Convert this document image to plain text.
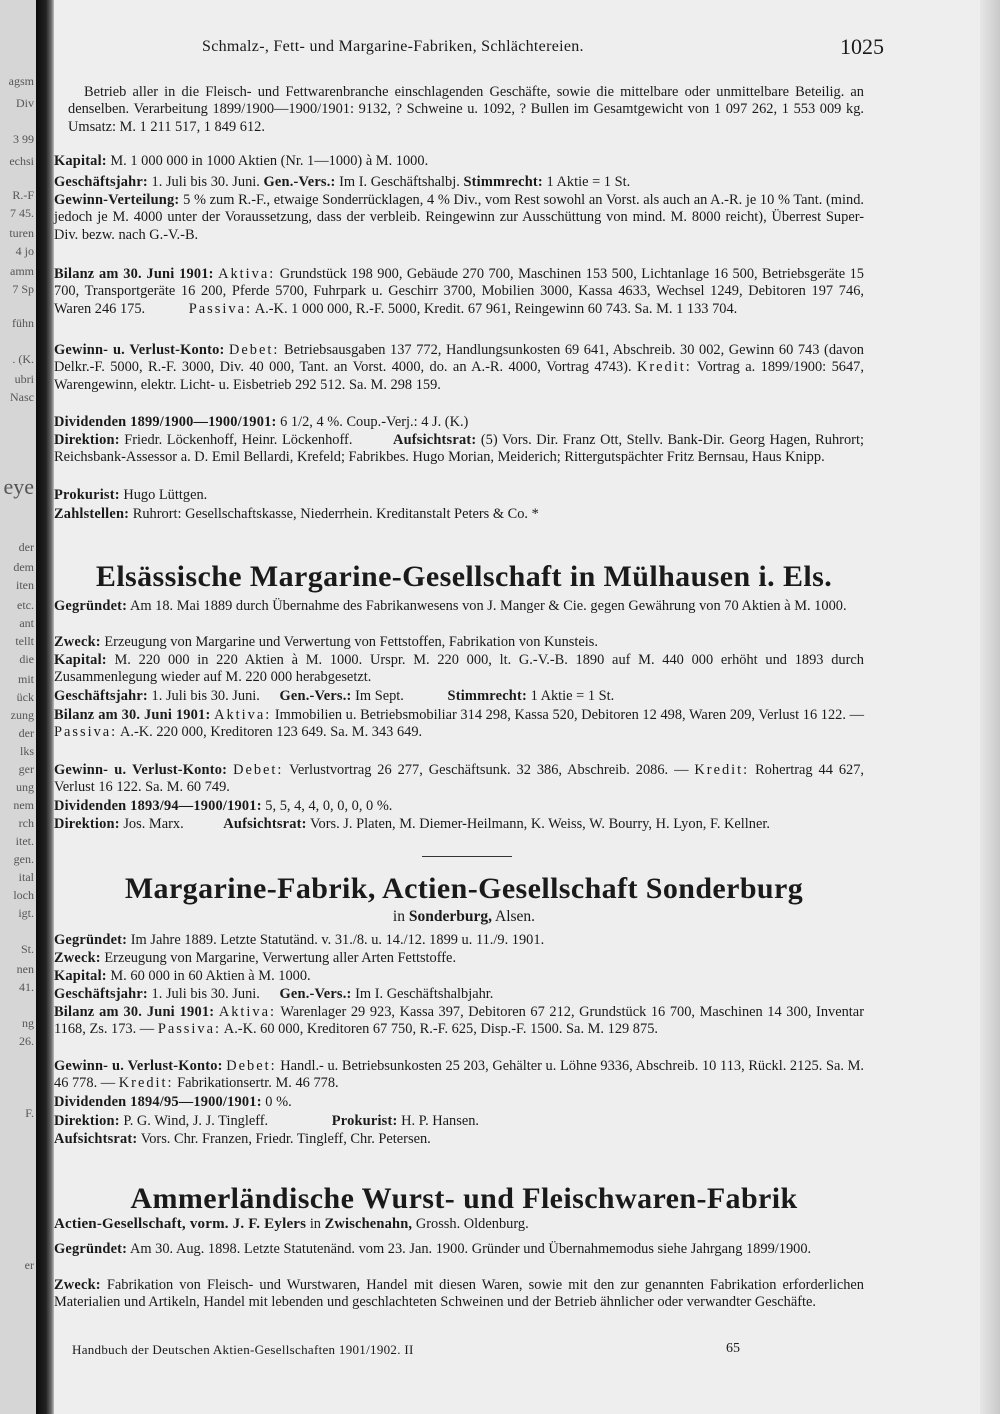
agsm
Div
3 99
echsi
R.-F
7 45.
turen
4 jo
amm
7 Sp
fühn
. (K.
ubri
Nasc
eye
der
dem
iten
etc.
ant
tellt
die
mit
ück
zung
der
lks
ger
ung
nem
rch
itet.
gen.
ital
loch
igt.
St.
nen
41.
ng
26.
F.
er
Schmalz-, Fett- und Margarine-Fabriken, Schlächtereien.	1025

Betrieb aller in die Fleisch- und Fettwarenbranche einschlagenden Geschäfte, sowie die mittelbare oder unmittelbare Beteilig. an denselben. Verarbeitung 1899/1900—1900/1901: 9132, ? Schweine u. 1092, ? Bullen im Gesamtgewicht von 1 097 262, 1 553 009 kg. Umsatz: M. 1 211 517, 1 849 612.

Kapital: M. 1 000 000 in 1000 Aktien (Nr. 1—1000) à M. 1000.

Geschäftsjahr: 1. Juli bis 30. Juni. Gen.-Vers.: Im I. Geschäftshalbj. Stimmrecht: 1 Aktie = 1 St.

Gewinn-Verteilung: 5 % zum R.-F., etwaige Sonderrücklagen, 4 % Div., vom Rest sowohl an Vorst. als auch an A.-R. je 10 % Tant. (mind. jedoch je M. 4000 unter der Voraussetzung, dass der verbleib. Reingewinn zur Ausschüttung von mind. M. 8000 reicht), Überrest Super-Div. bezw. nach G.-V.-B.

Bilanz am 30. Juni 1901: Aktiva: Grundstück 198 900, Gebäude 270 700, Maschinen 153 500, Lichtanlage 16 500, Betriebsgeräte 15 700, Transportgeräte 16 200, Pferde 5700, Fuhrpark u. Geschirr 3700, Mobilien 3000, Kassa 4633, Wechsel 1249, Debitoren 197 746, Waren 246 175.	Passiva: A.-K. 1 000 000, R.-F. 5000, Kredit. 67 961, Reingewinn 60 743. Sa. M. 1 133 704.

Gewinn- u. Verlust-Konto: Debet: Betriebsausgaben 137 772, Handlungsunkosten 69 641, Abschreib. 30 002, Gewinn 60 743 (davon Delkr.-F. 5000, R.-F. 3000, Div. 40 000, Tant. an Vorst. 4000, do. an A.-R. 4000, Vortrag 4743). Kredit: Vortrag a. 1899/1900: 5647, Warengewinn, elektr. Licht- u. Eisbetrieb 292 512. Sa. M. 298 159.

Dividenden 1899/1900—1900/1901: 6 1/2, 4 %. Coup.-Verj.: 4 J. (K.)

Direktion: Friedr. Löckenhoff, Heinr. Löckenhoff.	Aufsichtsrat: (5) Vors. Dir. Franz Ott, Stellv. Bank-Dir. Georg Hagen, Ruhrort; Reichsbank-Assessor a. D. Emil Bellardi, Krefeld; Fabrikbes. Hugo Morian, Meiderich; Rittergutspächter Fritz Bernsau, Haus Knipp.

Prokurist: Hugo Lüttgen.

Zahlstellen: Ruhrort: Gesellschaftskasse, Niederrhein. Kreditanstalt Peters & Co. *

Elsässische Margarine-Gesellschaft in Mülhausen i. Els.

Gegründet: Am 18. Mai 1889 durch Übernahme des Fabrikanwesens von J. Manger & Cie. gegen Gewährung von 70 Aktien à M. 1000.

Zweck: Erzeugung von Margarine und Verwertung von Fettstoffen, Fabrikation von Kunsteis.

Kapital: M. 220 000 in 220 Aktien à M. 1000. Urspr. M. 220 000, lt. G.-V.-B. 1890 auf M. 440 000 erhöht und 1893 durch Zusammenlegung wieder auf M. 220 000 herabgesetzt.

Geschäftsjahr: 1. Juli bis 30. Juni. Gen.-Vers.: Im Sept.	Stimmrecht: 1 Aktie = 1 St.

Bilanz am 30. Juni 1901: Aktiva: Immobilien u. Betriebsmobiliar 314 298, Kassa 520, Debitoren 12 498, Waren 209, Verlust 16 122. — Passiva: A.-K. 220 000, Kreditoren 123 649. Sa. M. 343 649.

Gewinn- u. Verlust-Konto: Debet: Verlustvortrag 26 277, Geschäftsunk. 32 386, Abschreib. 2086. — Kredit: Rohertrag 44 627, Verlust 16 122. Sa. M. 60 749.

Dividenden 1893/94—1900/1901: 5, 5, 4, 4, 0, 0, 0, 0 %.

Direktion: Jos. Marx.	Aufsichtsrat: Vors. J. Platen, M. Diemer-Heilmann, K. Weiss, W. Bourry, H. Lyon, F. Kellner.

Margarine-Fabrik, Actien-Gesellschaft Sonderburg

in Sonderburg, Alsen.

Gegründet: Im Jahre 1889. Letzte Statutänd. v. 31./8. u. 14./12. 1899 u. 11./9. 1901.

Zweck: Erzeugung von Margarine, Verwertung aller Arten Fettstoffe.

Kapital: M. 60 000 in 60 Aktien à M. 1000.

Geschäftsjahr: 1. Juli bis 30. Juni. Gen.-Vers.: Im I. Geschäftshalbjahr.

Bilanz am 30. Juni 1901: Aktiva: Warenlager 29 923, Kassa 397, Debitoren 67 212, Grundstück 16 700, Maschinen 14 300, Inventar 1168, Zs. 173. — Passiva: A.-K. 60 000, Kreditoren 67 750, R.-F. 625, Disp.-F. 1500. Sa. M. 129 875.

Gewinn- u. Verlust-Konto: Debet: Handl.- u. Betriebsunkosten 25 203, Gehälter u. Löhne 9336, Abschreib. 10 113, Rückl. 2125. Sa. M. 46 778. — Kredit: Fabrikationsertr. M. 46 778.

Dividenden 1894/95—1900/1901: 0 %.

Direktion: P. G. Wind, J. J. Tingleff.	Prokurist: H. P. Hansen.

Aufsichtsrat: Vors. Chr. Franzen, Friedr. Tingleff, Chr. Petersen.

Ammerländische Wurst- und Fleischwaren-Fabrik

Actien-Gesellschaft, vorm. J. F. Eylers in Zwischenahn, Grossh. Oldenburg.

Gegründet: Am 30. Aug. 1898. Letzte Statutenänd. vom 23. Jan. 1900. Gründer und Übernahmemodus siehe Jahrgang 1899/1900.

Zweck: Fabrikation von Fleisch- und Wurstwaren, Handel mit diesen Waren, sowie mit den zur genannten Fabrikation erforderlichen Materialien und Artikeln, Handel mit lebenden und geschlachteten Schweinen und der Betrieb ähnlicher oder verwandter Geschäfte.

Handbuch der Deutschen Aktien-Gesellschaften 1901/1902. II	65
